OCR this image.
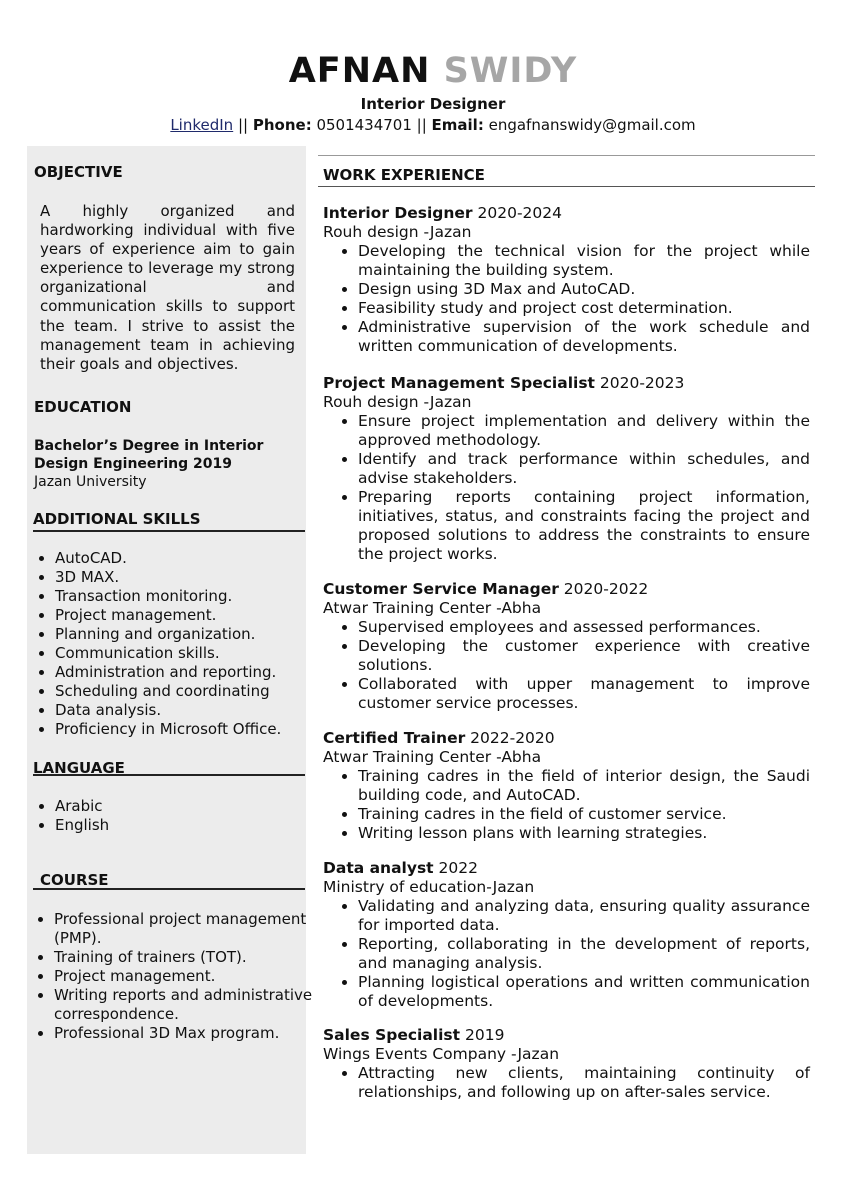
AFNAN SWIDY
Interior Designer
LinkedIn || Phone: 0501434701 || Email: engafnanswidy@gmail.com
OBJECTIVE
A highly organized and hardworking individual with five years of experience aim to gain experience to leverage my strong organizational and communication skills to support the team. I strive to assist the management team in achieving their goals and objectives.
EDUCATION
Bachelor’s Degree in Interior Design Engineering 2019
Jazan University
ADDITIONAL SKILLS
• AutoCAD.
• 3D MAX.
• Transaction monitoring.
• Project management.
• Planning and organization.
• Communication skills.
• Administration and reporting.
• Scheduling and coordinating
• Data analysis.
• Proficiency in Microsoft Office.
LANGUAGE
• Arabic
• English
COURSE
• Professional project management (PMP).
• Training of trainers (TOT).
• Project management.
• Writing reports and administrative correspondence.
• Professional 3D Max program.
WORK EXPERIENCE
Interior Designer 2020-2024
Rouh design -Jazan
• Developing the technical vision for the project while maintaining the building system.
• Design using 3D Max and AutoCAD.
• Feasibility study and project cost determination.
• Administrative supervision of the work schedule and written communication of developments.
Project Management Specialist 2020-2023
Rouh design -Jazan
• Ensure project implementation and delivery within the approved methodology.
• Identify and track performance within schedules, and advise stakeholders.
• Preparing reports containing project information, initiatives, status, and constraints facing the project and proposed solutions to address the constraints to ensure the project works.
Customer Service Manager 2020-2022
Atwar Training Center -Abha
• Supervised employees and assessed performances.
• Developing the customer experience with creative solutions.
• Collaborated with upper management to improve customer service processes.
Certified Trainer 2022-2020
Atwar Training Center -Abha
• Training cadres in the field of interior design, the Saudi building code, and AutoCAD.
• Training cadres in the field of customer service.
• Writing lesson plans with learning strategies.
Data analyst 2022
Ministry of education-Jazan
• Validating and analyzing data, ensuring quality assurance for imported data.
• Reporting, collaborating in the development of reports, and managing analysis.
• Planning logistical operations and written communication of developments.
Sales Specialist 2019
Wings Events Company -Jazan
• Attracting new clients, maintaining continuity of relationships, and following up on after-sales service.
